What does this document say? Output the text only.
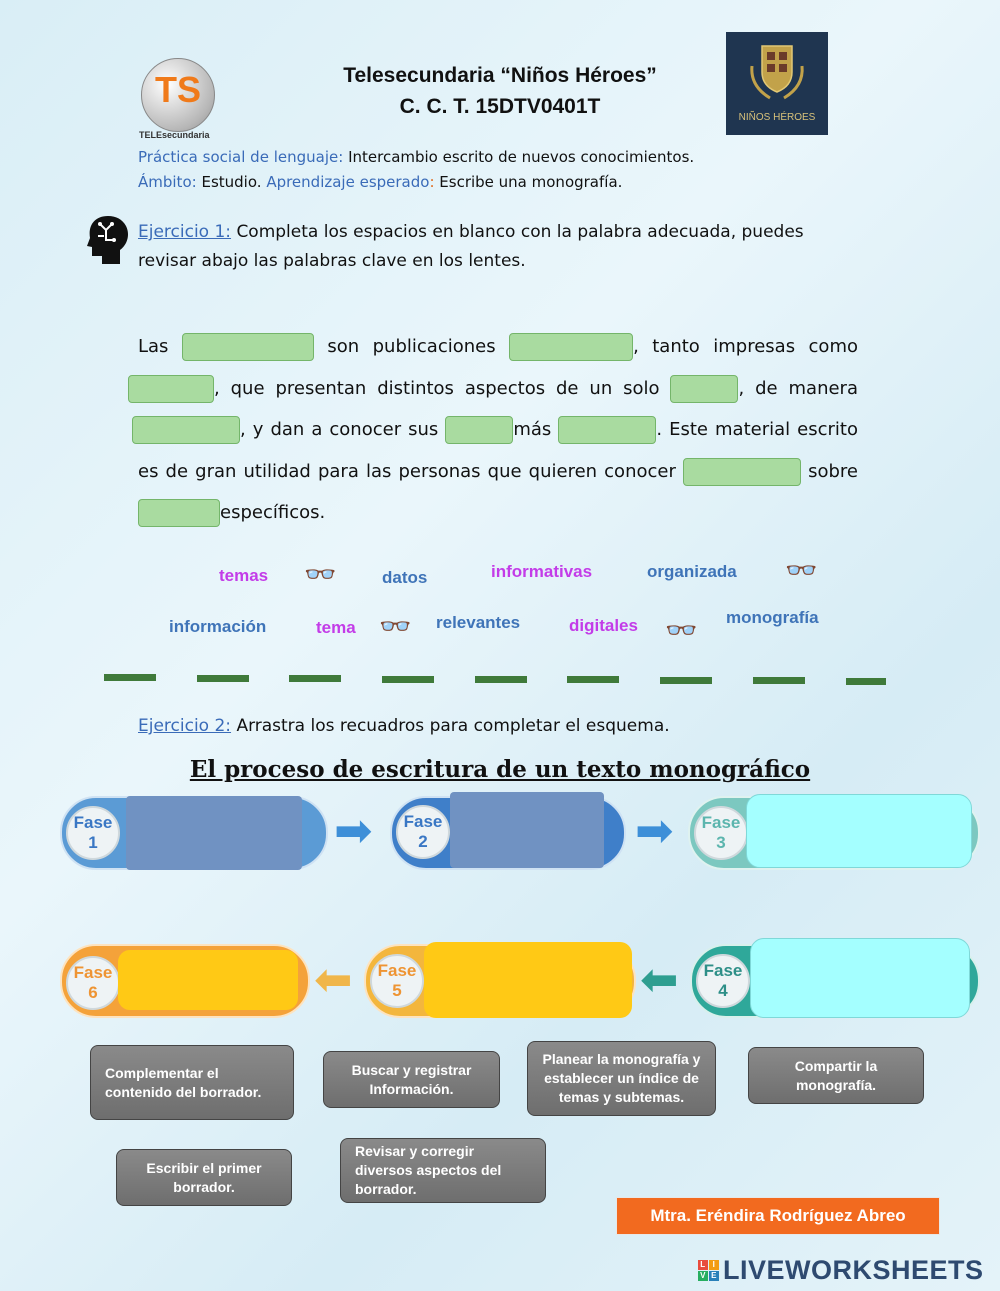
TS
TELEsecundaria
Telesecundaria “Niños Héroes”
C. C. T. 15DTV0401T	NIÑOS HÉROES
Práctica social de lenguaje: Intercambio escrito de nuevos conocimientos.
Ámbito: Estudio. Aprendizaje esperado: Escribe una monografía.
Ejercicio 1: Completa los espacios en blanco con la palabra adecuada, puedes revisar abajo las palabras clave en los lentes.
Las	son publicaciones	, tanto impresas como , que presentan distintos aspectos de un solo	, de manera , y dan a conocer sus	más	. Este material escrito es de gran utilidad para las personas que quieren conocer	sobre específicos.
temas 👓	datos	informativas	organizada 👓
información	tema 👓 relevantes	digitales 👓 monografía
Ejercicio 2: Arrastra los recuadros para completar el esquema.
El proceso de escritura de un texto monográfico
Fase
1	➡ Fase
2	➡ Fase
3
Fase
6	⬅ Fase
5	⬅ Fase
4
Complementar el contenido del borrador.
Buscar y registrar Información.
Planear la monografía y establecer un índice de temas y subtemas.
Compartir la monografía.
Escribir el primer borrador.
Revisar y corregir diversos aspectos del borrador.
Mtra. Eréndira Rodríguez Abreo
L I
V E LIVEWORKSHEETS
